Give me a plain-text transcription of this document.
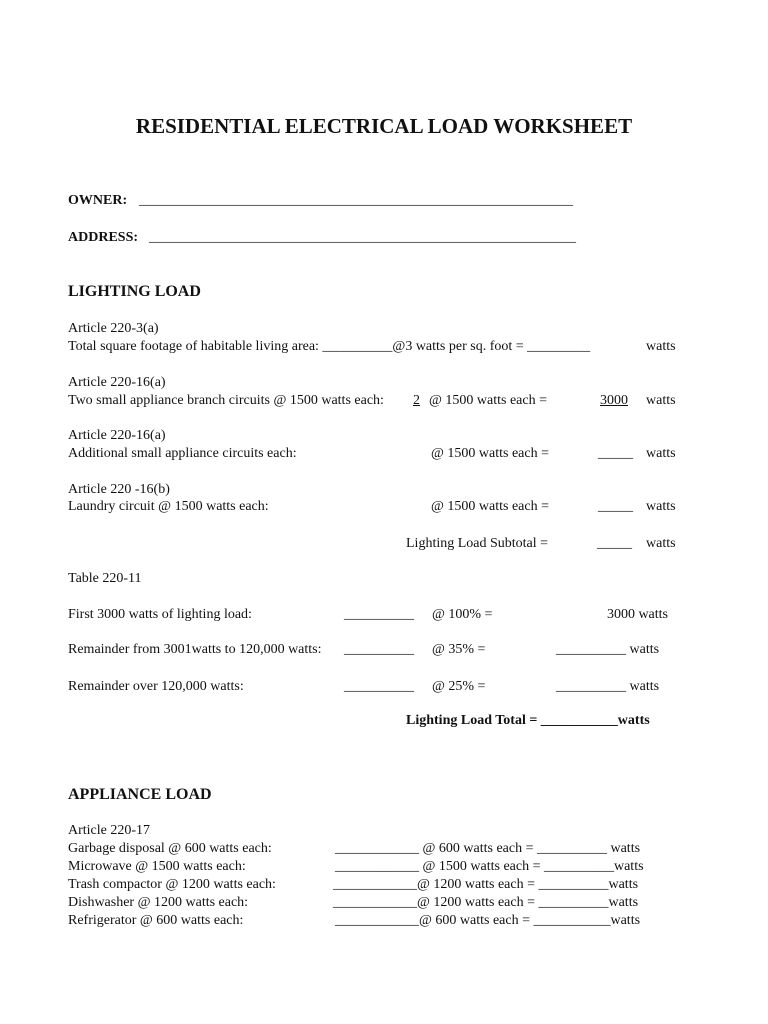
RESIDENTIAL ELECTRICAL LOAD WORKSHEET
OWNER: ______________________________________________________________
ADDRESS: _____________________________________________________________
LIGHTING LOAD
Article 220-3(a)
Total square footage of habitable living area: __________@3 watts per sq. foot = _________	watts
Article 220-16(a)
Two small appliance branch circuits @ 1500 watts each: 2 @ 1500 watts each =	3000 watts
Article 220-16(a)
Additional small appliance circuits each:	@ 1500 watts each =	_____ watts
Article 220 -16(b)
Laundry circuit @ 1500 watts each:	@ 1500 watts each =	_____ watts
Lighting Load Subtotal =	_____ watts
Table 220-11
First 3000 watts of lighting load:	__________ @ 100% =	3000 watts
Remainder from 3001watts to 120,000 watts: __________ @ 35% =	__________ watts
Remainder over 120,000 watts:	__________ @ 25% =	__________ watts
Lighting Load Total = ___________watts
APPLIANCE LOAD
Article 220-17
Garbage disposal @ 600 watts each:	____________ @ 600 watts each = __________ watts
Microwave @ 1500 watts each:	____________ @ 1500 watts each = __________watts
Trash compactor @ 1200 watts each:	____________@ 1200 watts each = __________watts
Dishwasher @ 1200 watts each:	____________@ 1200 watts each = __________watts
Refrigerator @ 600 watts each:	____________@ 600 watts each = ___________watts
